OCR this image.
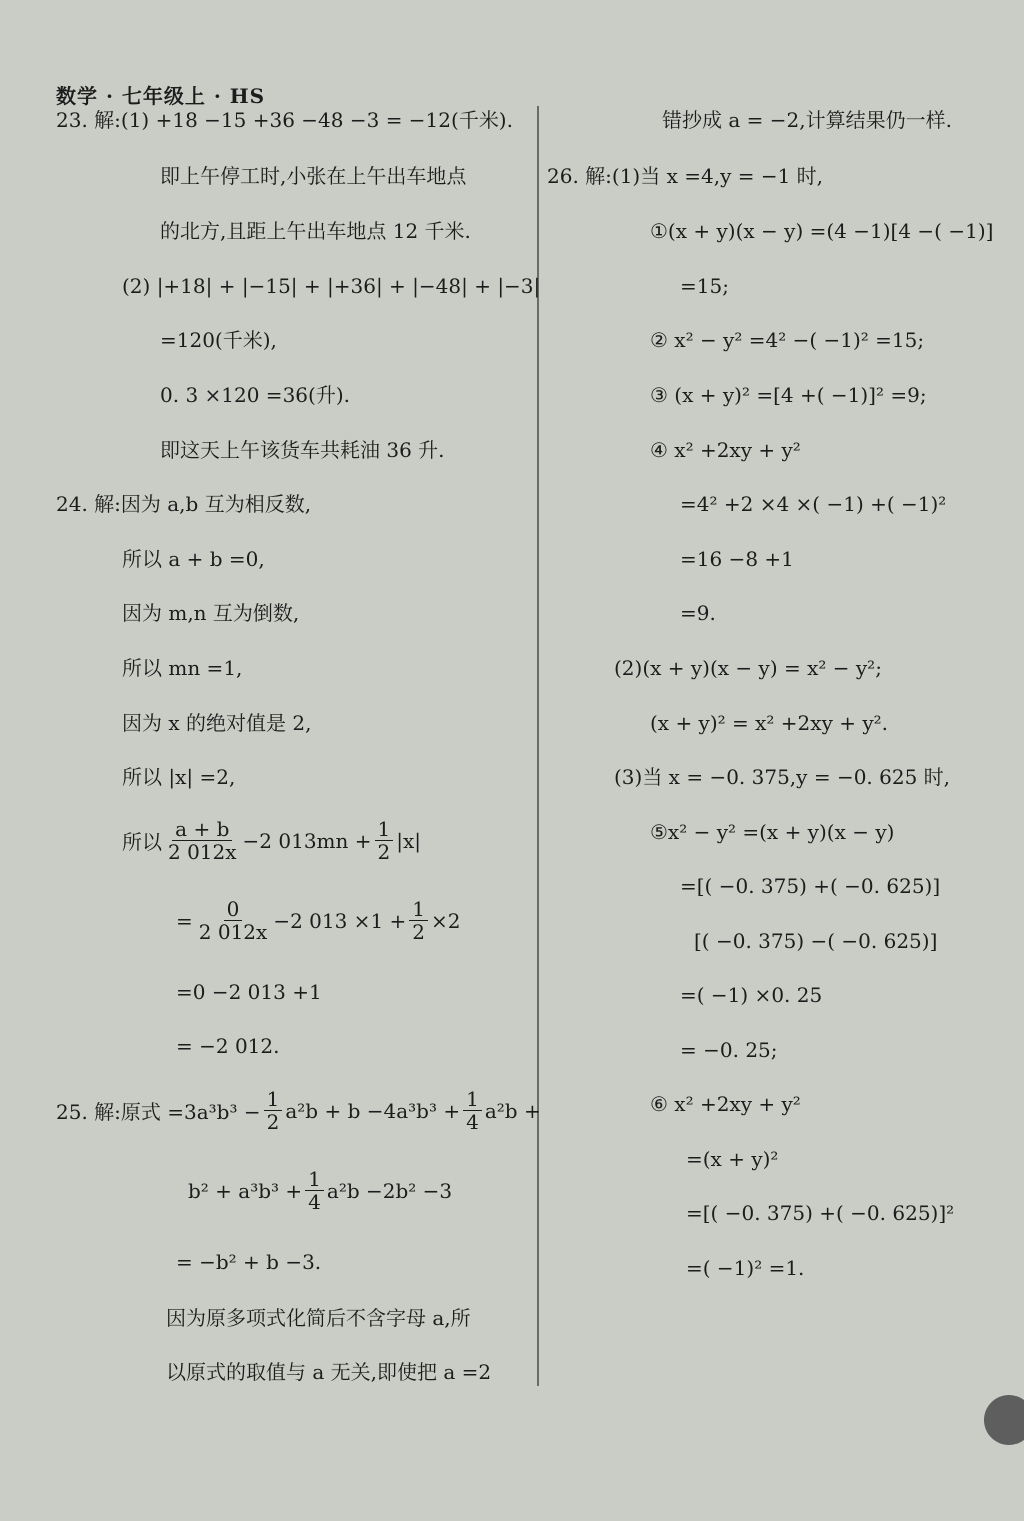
数学 · 七年级上 · HS
23. 解:(1) +18 −15 +36 −48 −3 = −12(千米).
即上午停工时,小张在上午出车地点
的北方,且距上午出车地点 12 千米.
(2) |+18| + |−15| + |+36| + |−48| + |−3|
=120(千米),
0. 3 ×120 =36(升).
即这天上午该货车共耗油 36 升.
24. 解:因为 a,b 互为相反数,
所以 a + b =0,
因为 m,n 互为倒数,
所以 mn =1,
因为 x 的绝对值是 2,
所以 |x| =2,
所以 $\frac{a + b}{2 012x} -2$ $013mn + \frac{1}{2} |x|$
= $\frac{0}{2 012x} -2$ $013 \times 1 + \frac{1}{2} \times 2$
=0 −2 013 +1
= −2 012.
25. 解:原式 $=3a^3b^3 - \frac{1}{2} a^2b + b -4a^3b^3 + \frac{1}{4} a^2b$ +
$b^2 + a^3b^3 + \frac{1}{4} a^2b -2b^2 -3$
= −b² + b −3.
因为原多项式化简后不含字母 a,所
以原式的取值与 a 无关,即使把 a =2
错抄成 a = −2,计算结果仍一样.
26. 解:(1)当 x =4,y = −1 时,
①(x + y)(x − y) =(4 −1)[4 −( −1)]
=15;
② x² − y² =4² −( −1)² =15;
③ (x + y)² =[4 +( −1)]² =9;
④ x² +2xy + y²
=4² +2 ×4 ×( −1) +( −1)²
=16 −8 +1
=9.
(2)(x + y)(x − y) = x² − y²;
(x + y)² = x² +2xy + y².
(3)当 x = −0. 375,y = −0. 625 时,
⑤x² − y² =(x + y)(x − y)
=[( −0. 375) +( −0. 625)]
[( −0. 375) −( −0. 625)]
=( −1) ×0. 25
= −0. 25;
⑥ x² +2xy + y²
=(x + y)²
=[( −0. 375) +( −0. 625)]²
=( −1)² =1.
